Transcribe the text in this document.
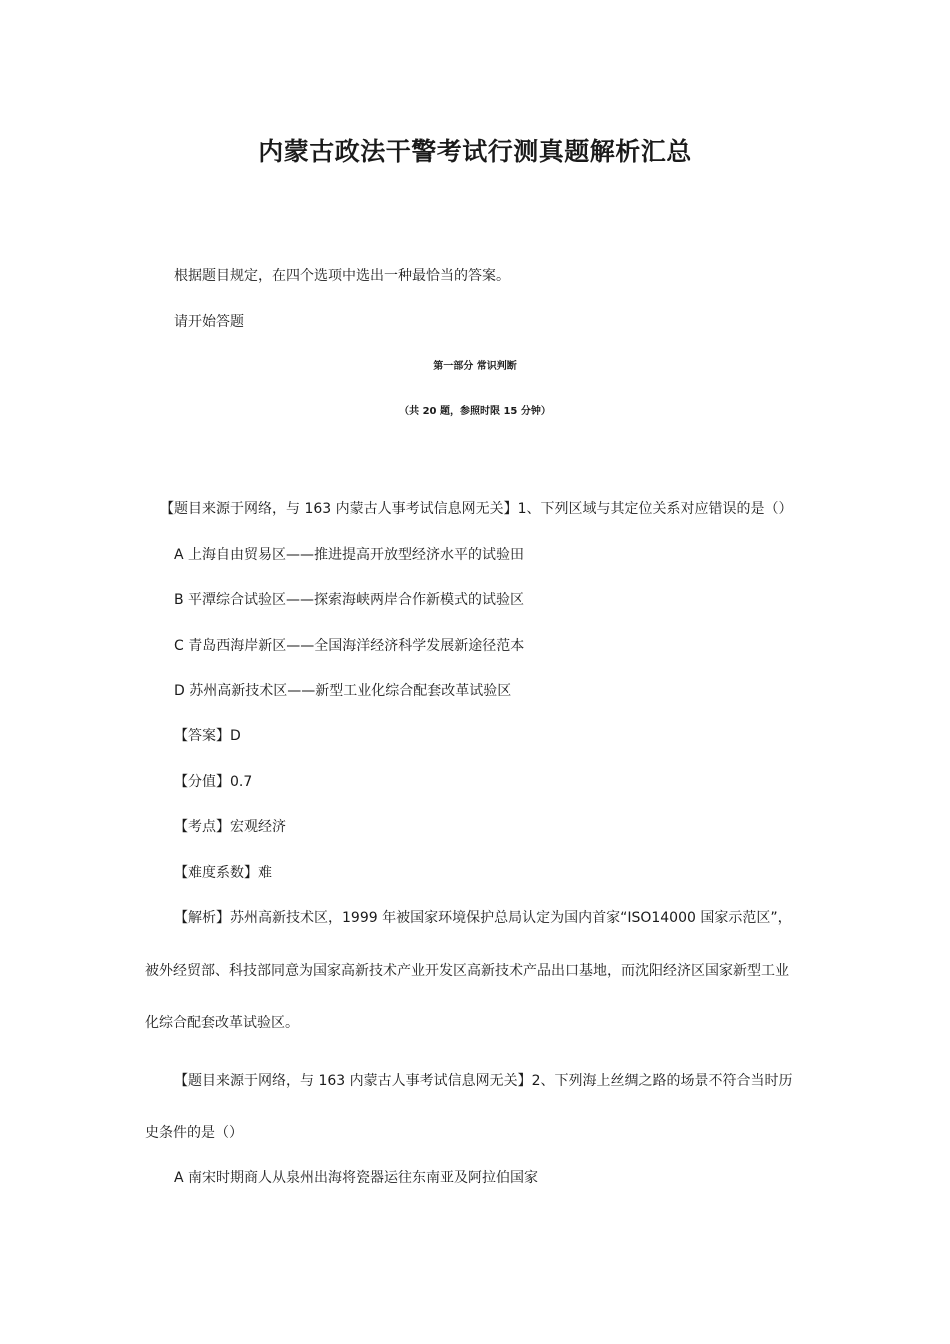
内蒙古政法干警考试行测真题解析汇总
根据题目规定，在四个选项中选出一种最恰当的答案。
请开始答题
第一部分 常识判断
（共 20 题，参照时限 15 分钟）
【题目来源于网络，与 163 内蒙古人事考试信息网无关】1、下列区域与其定位关系对应错误的是（）
A 上海自由贸易区——推进提高开放型经济水平的试验田
B 平潭综合试验区——探索海峡两岸合作新模式的试验区
C 青岛西海岸新区——全国海洋经济科学发展新途径范本
D 苏州高新技术区——新型工业化综合配套改革试验区
【答案】D
【分值】0.7
【考点】宏观经济
【难度系数】难
【解析】苏州高新技术区，1999 年被国家环境保护总局认定为国内首家“ISO14000 国家示范区”，
被外经贸部、科技部同意为国家高新技术产业开发区高新技术产品出口基地，而沈阳经济区国家新型工业
化综合配套改革试验区。
【题目来源于网络，与 163 内蒙古人事考试信息网无关】2、下列海上丝绸之路的场景不符合当时历
史条件的是（）
A 南宋时期商人从泉州出海将瓷器运往东南亚及阿拉伯国家
